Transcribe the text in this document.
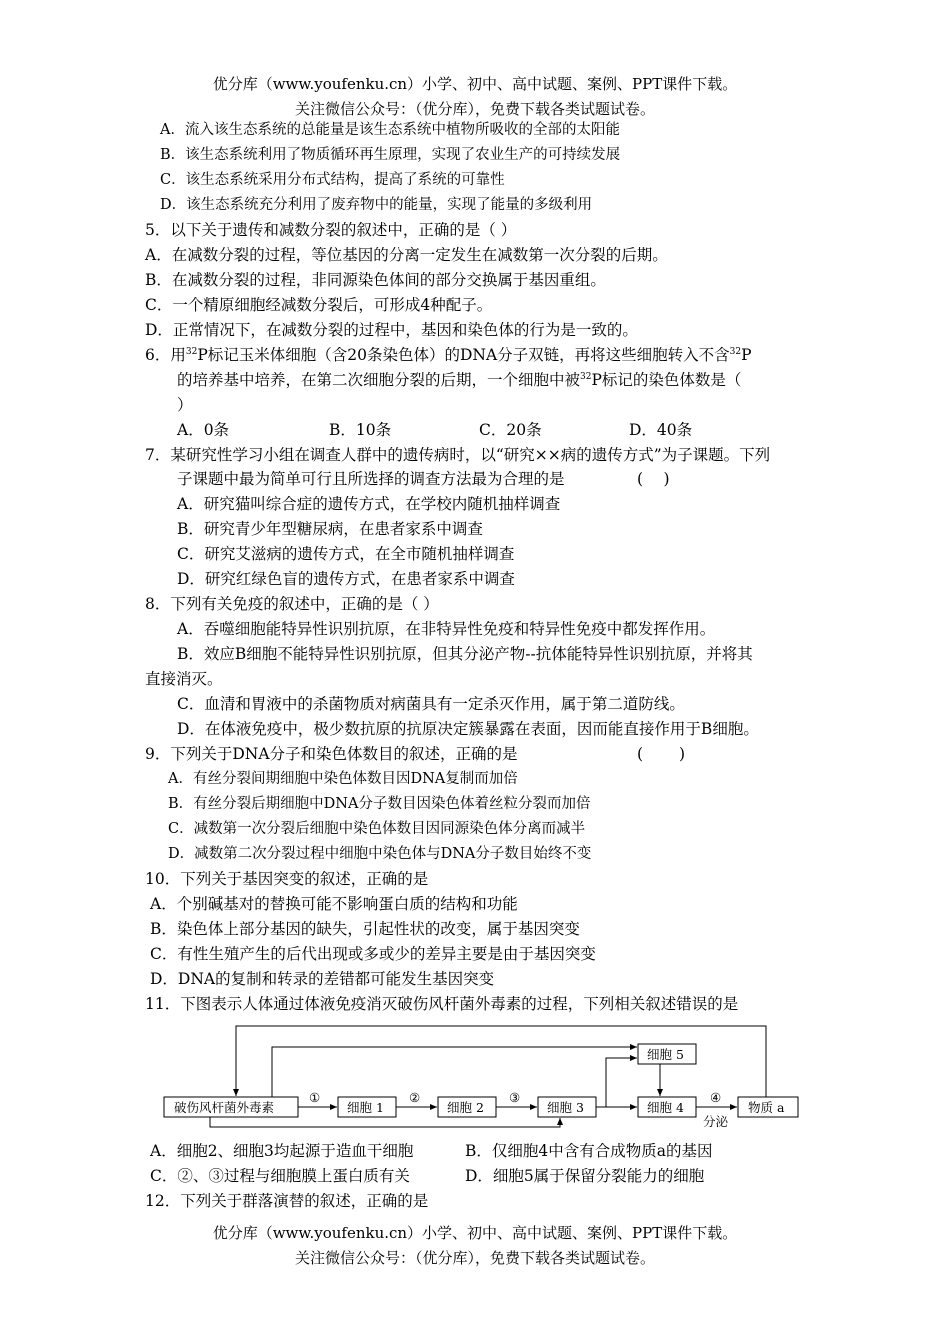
优分库（www.youfenku.cn）小学、初中、高中试题、案例、PPT课件下载。
关注微信公众号：（优分库），免费下载各类试题试卷。
A．流入该生态系统的总能量是该生态系统中植物所吸收的全部的太阳能
B．该生态系统利用了物质循环再生原理，实现了农业生产的可持续发展
C．该生态系统采用分布式结构，提高了系统的可靠性
D．该生态系统充分利用了废弃物中的能量，实现了能量的多级利用
5．以下关于遗传和减数分裂的叙述中，正确的是（ ）
A．在减数分裂的过程，等位基因的分离一定发生在减数第一次分裂的后期。
B．在减数分裂的过程，非同源染色体间的部分交换属于基因重组。
C．一个精原细胞经减数分裂后，可形成4种配子。
D．正常情况下，在减数分裂的过程中，基因和染色体的行为是一致的。
6．用$^{32}$P标记玉米体细胞（含20条染色体）的DNA分子双链，再将这些细胞转入不含$^{32}$P
的培养基中培养，在第二次细胞分裂的后期，一个细胞中被$^{32}$P标记的染色体数是（
）
A．0条	B．10条	C．20条	D．40条
7．某研究性学习小组在调查人群中的遗传病时，以“研究××病的遗传方式”为子课题。下列
子课题中最为简单可行且所选择的调查方法最为合理的是	(　 )
A．研究猫叫综合症的遗传方式，在学校内随机抽样调查
B．研究青少年型糖尿病，在患者家系中调查
C．研究艾滋病的遗传方式，在全市随机抽样调查
D．研究红绿色盲的遗传方式，在患者家系中调查
8．下列有关免疫的叙述中，正确的是（ ）
A．吞噬细胞能特异性识别抗原，在非特异性免疫和特异性免疫中都发挥作用。
B．效应B细胞不能特异性识别抗原，但其分泌产物--抗体能特异性识别抗原，并将其
直接消灭。
C．血清和胃液中的杀菌物质对病菌具有一定杀灭作用，属于第二道防线。
D．在体液免疫中，极少数抗原的抗原决定簇暴露在表面，因而能直接作用于B细胞。
9．下列关于DNA分子和染色体数目的叙述，正确的是	(　 　)
A．有丝分裂间期细胞中染色体数目因DNA复制而加倍
B．有丝分裂后期细胞中DNA分子数目因染色体着丝粒分裂而加倍
C．减数第一次分裂后细胞中染色体数目因同源染色体分离而减半
D．减数第二次分裂过程中细胞中染色体与DNA分子数目始终不变
10．下列关于基因突变的叙述，正确的是
A．个别碱基对的替换可能不影响蛋白质的结构和功能
B．染色体上部分基因的缺失，引起性状的改变，属于基因突变
C．有性生殖产生的后代出现或多或少的差异主要是由于基因突变
D．DNA的复制和转录的差错都可能发生基因突变
11．下图表示人体通过体液免疫消灭破伤风杆菌外毒素的过程，下列相关叙述错误的是
破伤风杆菌外毒素	细胞 1	细胞 2	细胞 3	细胞 4
细胞 5
物质 a
①	②	③	④
分泌
A．细胞2、细胞3均起源于造血干细胞	B．仅细胞4中含有合成物质a的基因
C．②、③过程与细胞膜上蛋白质有关	D．细胞5属于保留分裂能力的细胞
12．下列关于群落演替的叙述，正确的是
优分库（www.youfenku.cn）小学、初中、高中试题、案例、PPT课件下载。
关注微信公众号：（优分库），免费下载各类试题试卷。
